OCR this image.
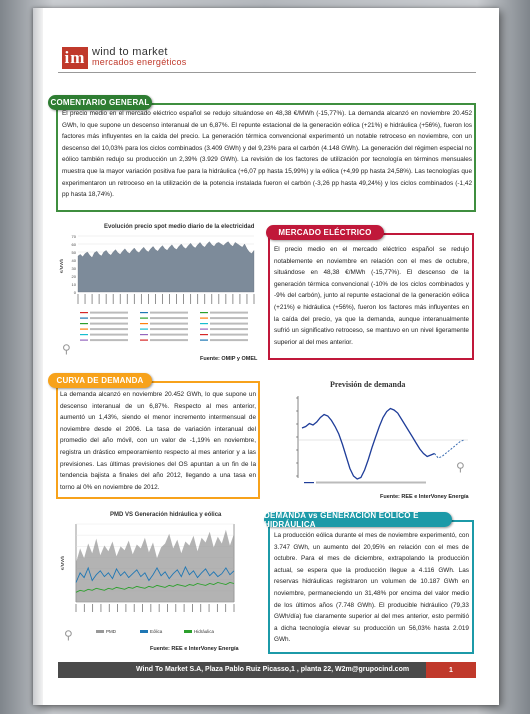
im wind to market
mercados energéticos
COMENTARIO GENERAL
El precio medio en el mercado eléctrico español se redujo situándose en 48,38 €/MWh (-15,77%). La demanda alcanzó en noviembre 20.452 GWh, lo que supone un descenso interanual de un 6,87%. El repunte estacional de la generación eólica (+21%) e hidráulica (+56%), fueron los factores más influyentes en la caída del precio. La generación térmica convencional experimentó un notable retroceso en noviembre, con un descenso del 10,03% para los ciclos combinados (3.409 GWh) y del 9,23% para el carbón (4.148 GWh). La generación del régimen especial no eólico también redujo su producción un 2,39% (3.929 GWh). La revisión de los factores de utilización por tecnología en términos mensuales muestra que la mayor variación positiva fue para la hidráulica (+6,07 pp hasta 15,99%) y la eólica (+4,99 pp hasta 24,58%). Las tecnologías que experimentaron un retroceso en la utilización de la potencia instalada fueron el carbón (-3,26 pp hasta 49,24%) y los ciclos combinados (-1,42 pp hasta 18,74%).
Evolución precio spot medio diario de la electricidad
70
60
50
40
30
20
10
0
€/MWh
Fuente: OMIP y OMEL
⚲
MERCADO ELÉCTRICO
El precio medio en el mercado eléctrico español se redujo notablemente en noviembre en relación con el mes de octubre, situándose en 48,38 €/MWh (-15,77%). El descenso de la generación térmica convencional (-10% de los ciclos combinados y -9% del carbón), junto al repunte estacional de la generación eólica (+21%) e hidráulica (+56%), fueron los factores más influyentes en la caída del precio, ya que la demanda, aunque interanualmente sufrió un significativo retroceso, se mantuvo en un nivel ligeramente superior al del mes anterior.
CURVA DE DEMANDA
La demanda alcanzó en noviembre 20.452 GWh, lo que supone un descenso interanual de un 6,87%. Respecto al mes anterior, aumentó un 1,43%, siendo el menor incremento intermensual de noviembre desde el 2006. La tasa de variación interanual del promedio del año móvil, con un valor de -1,19% en noviembre, registra un drástico empeoramiento respecto al mes anterior y a las previsiones. Las últimas previsiones del OS apuntan a un fin de la tendencia bajista a finales del año 2012, llegando a una tasa en torno al 0% en noviembre de 2012.
Previsión de demanda
Fuente: REE e InterVoney Energía
⚲
PMD VS Generación hidráulica y eólica
€/MWh
PMD	Eólica	Hidráulica
Fuente: REE e InterVoney Energía
⚲
DEMANDA vs GENERACIÓN EÓLICO E HIDRÁULICA
La producción eólica durante el mes de noviembre experimentó, con 3.747 GWh, un aumento del 20,95% en relación con el mes de octubre. Para el mes de diciembre, extrapolando la producción actual, se espera que la producción llegue a 4.116 GWh. Las reservas hidráulicas registraron un volumen de 10.187 GWh en noviembre, permaneciendo un 31,48% por encima del valor medio de los últimos años (7.748 GWh). El producible hidráulico (79,33 GWh/día) fue claramente superior al del mes anterior, esto permitió a dicha tecnología elevar su producción un 56,03% hasta 2.019 GWh.
Wind To Market S.A, Plaza Pablo Ruiz Picasso,1 , planta 22, W2m@grupocind.com	1
